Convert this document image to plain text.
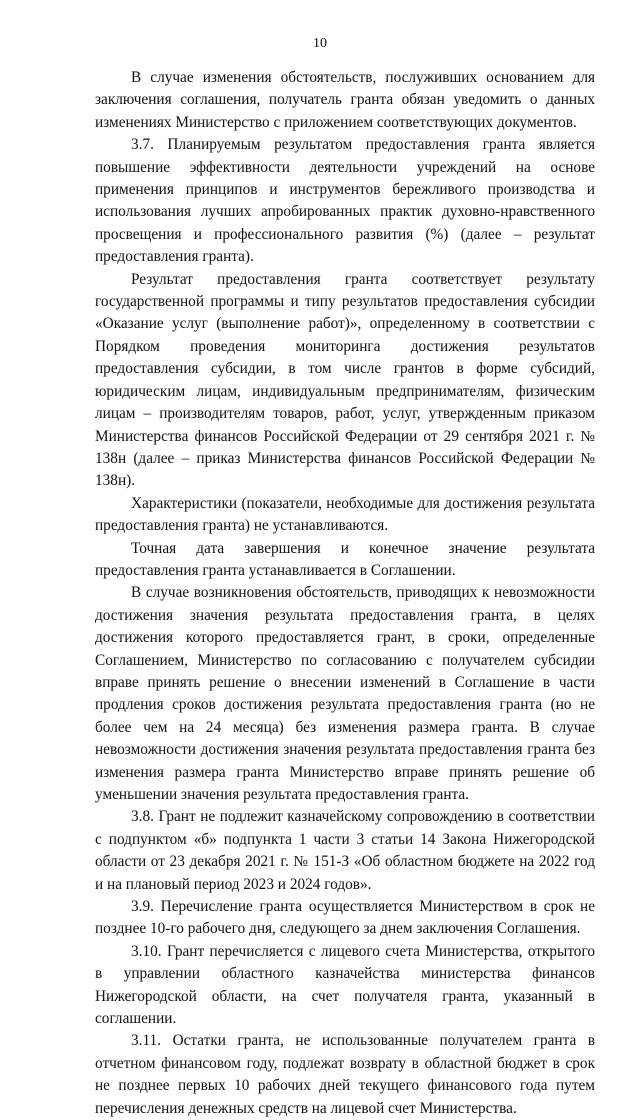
10

В случае изменения обстоятельств, послуживших основанием для заключения соглашения, получатель гранта обязан уведомить о данных изменениях Министерство с приложением соответствующих документов.

3.7. Планируемым результатом предоставления гранта является повышение эффективности деятельности учреждений на основе применения принципов и инструментов бережливого производства и использования лучших апробированных практик духовно-нравственного просвещения и профессионального развития (%) (далее – результат предоставления гранта).

Результат предоставления гранта соответствует результату государственной программы и типу результатов предоставления субсидии «Оказание услуг (выполнение работ)», определенному в соответствии с Порядком проведения мониторинга достижения результатов предоставления субсидии, в том числе грантов в форме субсидий, юридическим лицам, индивидуальным предпринимателям, физическим лицам – производителям товаров, работ, услуг, утвержденным приказом Министерства финансов Российской Федерации от 29 сентября 2021 г. № 138н (далее – приказ Министерства финансов Российской Федерации № 138н).

Характеристики (показатели, необходимые для достижения результата предоставления гранта) не устанавливаются.

Точная дата завершения и конечное значение результата предоставления гранта устанавливается в Соглашении.

В случае возникновения обстоятельств, приводящих к невозможности достижения значения результата предоставления гранта, в целях достижения которого предоставляется грант, в сроки, определенные Соглашением, Министерство по согласованию с получателем субсидии вправе принять решение о внесении изменений в Соглашение в части продления сроков достижения результата предоставления гранта (но не более чем на 24 месяца) без изменения размера гранта. В случае невозможности достижения значения результата предоставления гранта без изменения размера гранта Министерство вправе принять решение об уменьшении значения результата предоставления гранта.

3.8. Грант не подлежит казначейскому сопровождению в соответствии с подпунктом «б» подпункта 1 части 3 статьи 14 Закона Нижегородской области от 23 декабря 2021 г. № 151-З «Об областном бюджете на 2022 год и на плановый период 2023 и 2024 годов».

3.9. Перечисление гранта осуществляется Министерством в срок не позднее 10-го рабочего дня, следующего за днем заключения Соглашения.

3.10. Грант перечисляется с лицевого счета Министерства, открытого в управлении областного казначейства министерства финансов Нижегородской области, на счет получателя гранта, указанный в соглашении.

3.11. Остатки гранта, не использованные получателем гранта в отчетном финансовом году, подлежат возврату в областной бюджет в срок не позднее первых 10 рабочих дней текущего финансового года путем перечисления денежных средств на лицевой счет Министерства.
